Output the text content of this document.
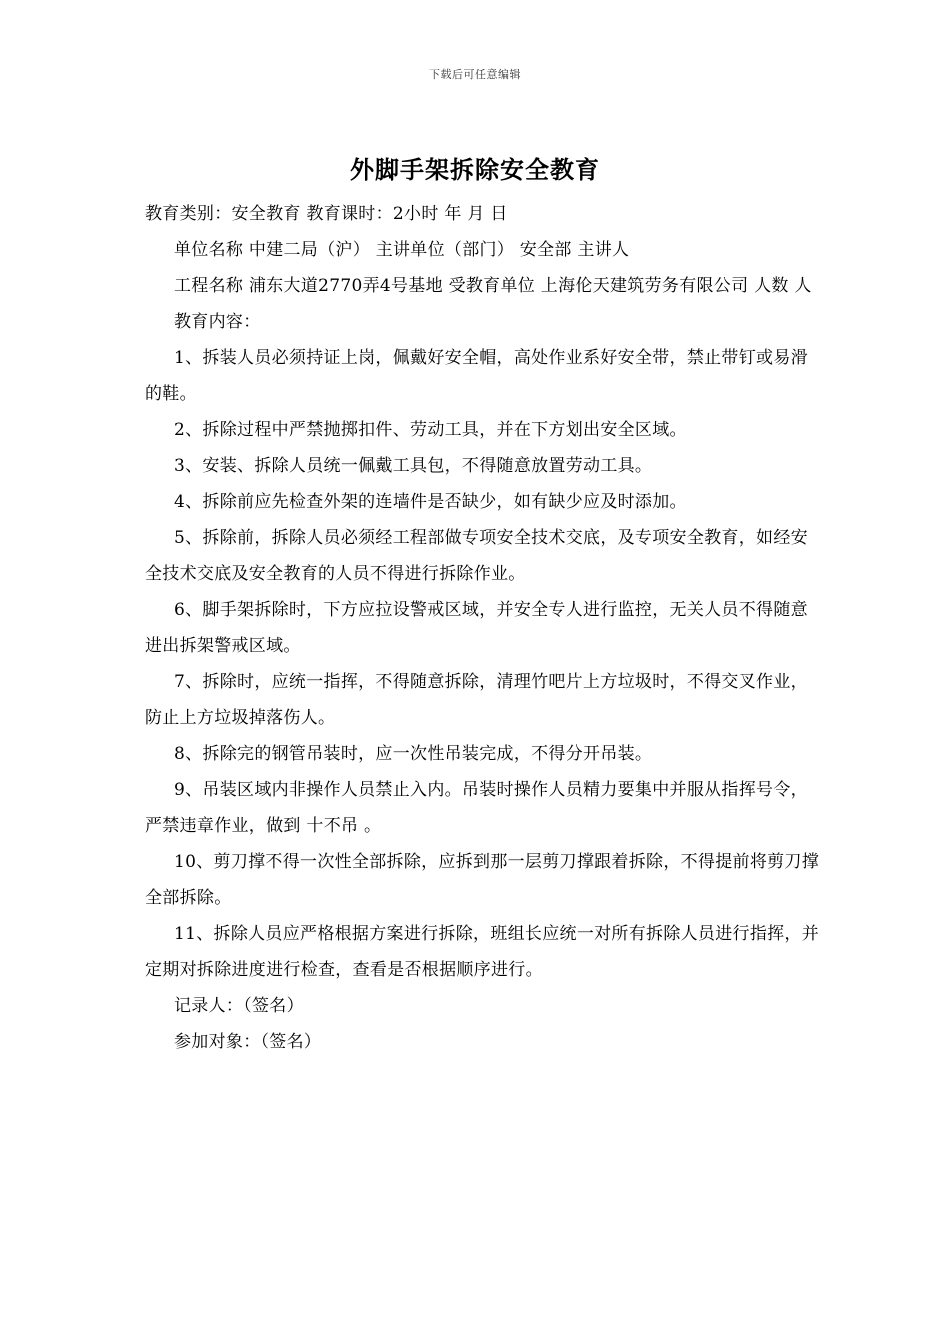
下载后可任意编辑
外脚手架拆除安全教育

教育类别：安全教育 教育课时：2小时 年 月 日

单位名称 中建二局（沪） 主讲单位（部门） 安全部 主讲人

工程名称 浦东大道2770弄4号基地 受教育单位 上海伦天建筑劳务有限公司 人数 人

教育内容：

1、拆装人员必须持证上岗，佩戴好安全帽，高处作业系好安全带，禁止带钉或易滑的鞋。

2、拆除过程中严禁抛掷扣件、劳动工具，并在下方划出安全区域。

3、安装、拆除人员统一佩戴工具包，不得随意放置劳动工具。

4、拆除前应先检查外架的连墙件是否缺少，如有缺少应及时添加。

5、拆除前，拆除人员必须经工程部做专项安全技术交底，及专项安全教育，如经安全技术交底及安全教育的人员不得进行拆除作业。

6、脚手架拆除时，下方应拉设警戒区域，并安全专人进行监控，无关人员不得随意进出拆架警戒区域。

7、拆除时，应统一指挥，不得随意拆除，清理竹吧片上方垃圾时，不得交叉作业，防止上方垃圾掉落伤人。

8、拆除完的钢管吊装时，应一次性吊装完成，不得分开吊装。

9、吊装区域内非操作人员禁止入内。吊装时操作人员精力要集中并服从指挥号令，严禁违章作业，做到 十不吊 。

10、剪刀撑不得一次性全部拆除，应拆到那一层剪刀撑跟着拆除，不得提前将剪刀撑全部拆除。

11、拆除人员应严格根据方案进行拆除，班组长应统一对所有拆除人员进行指挥，并定期对拆除进度进行检查，查看是否根据顺序进行。

记录人：（签名）

参加对象：（签名）
